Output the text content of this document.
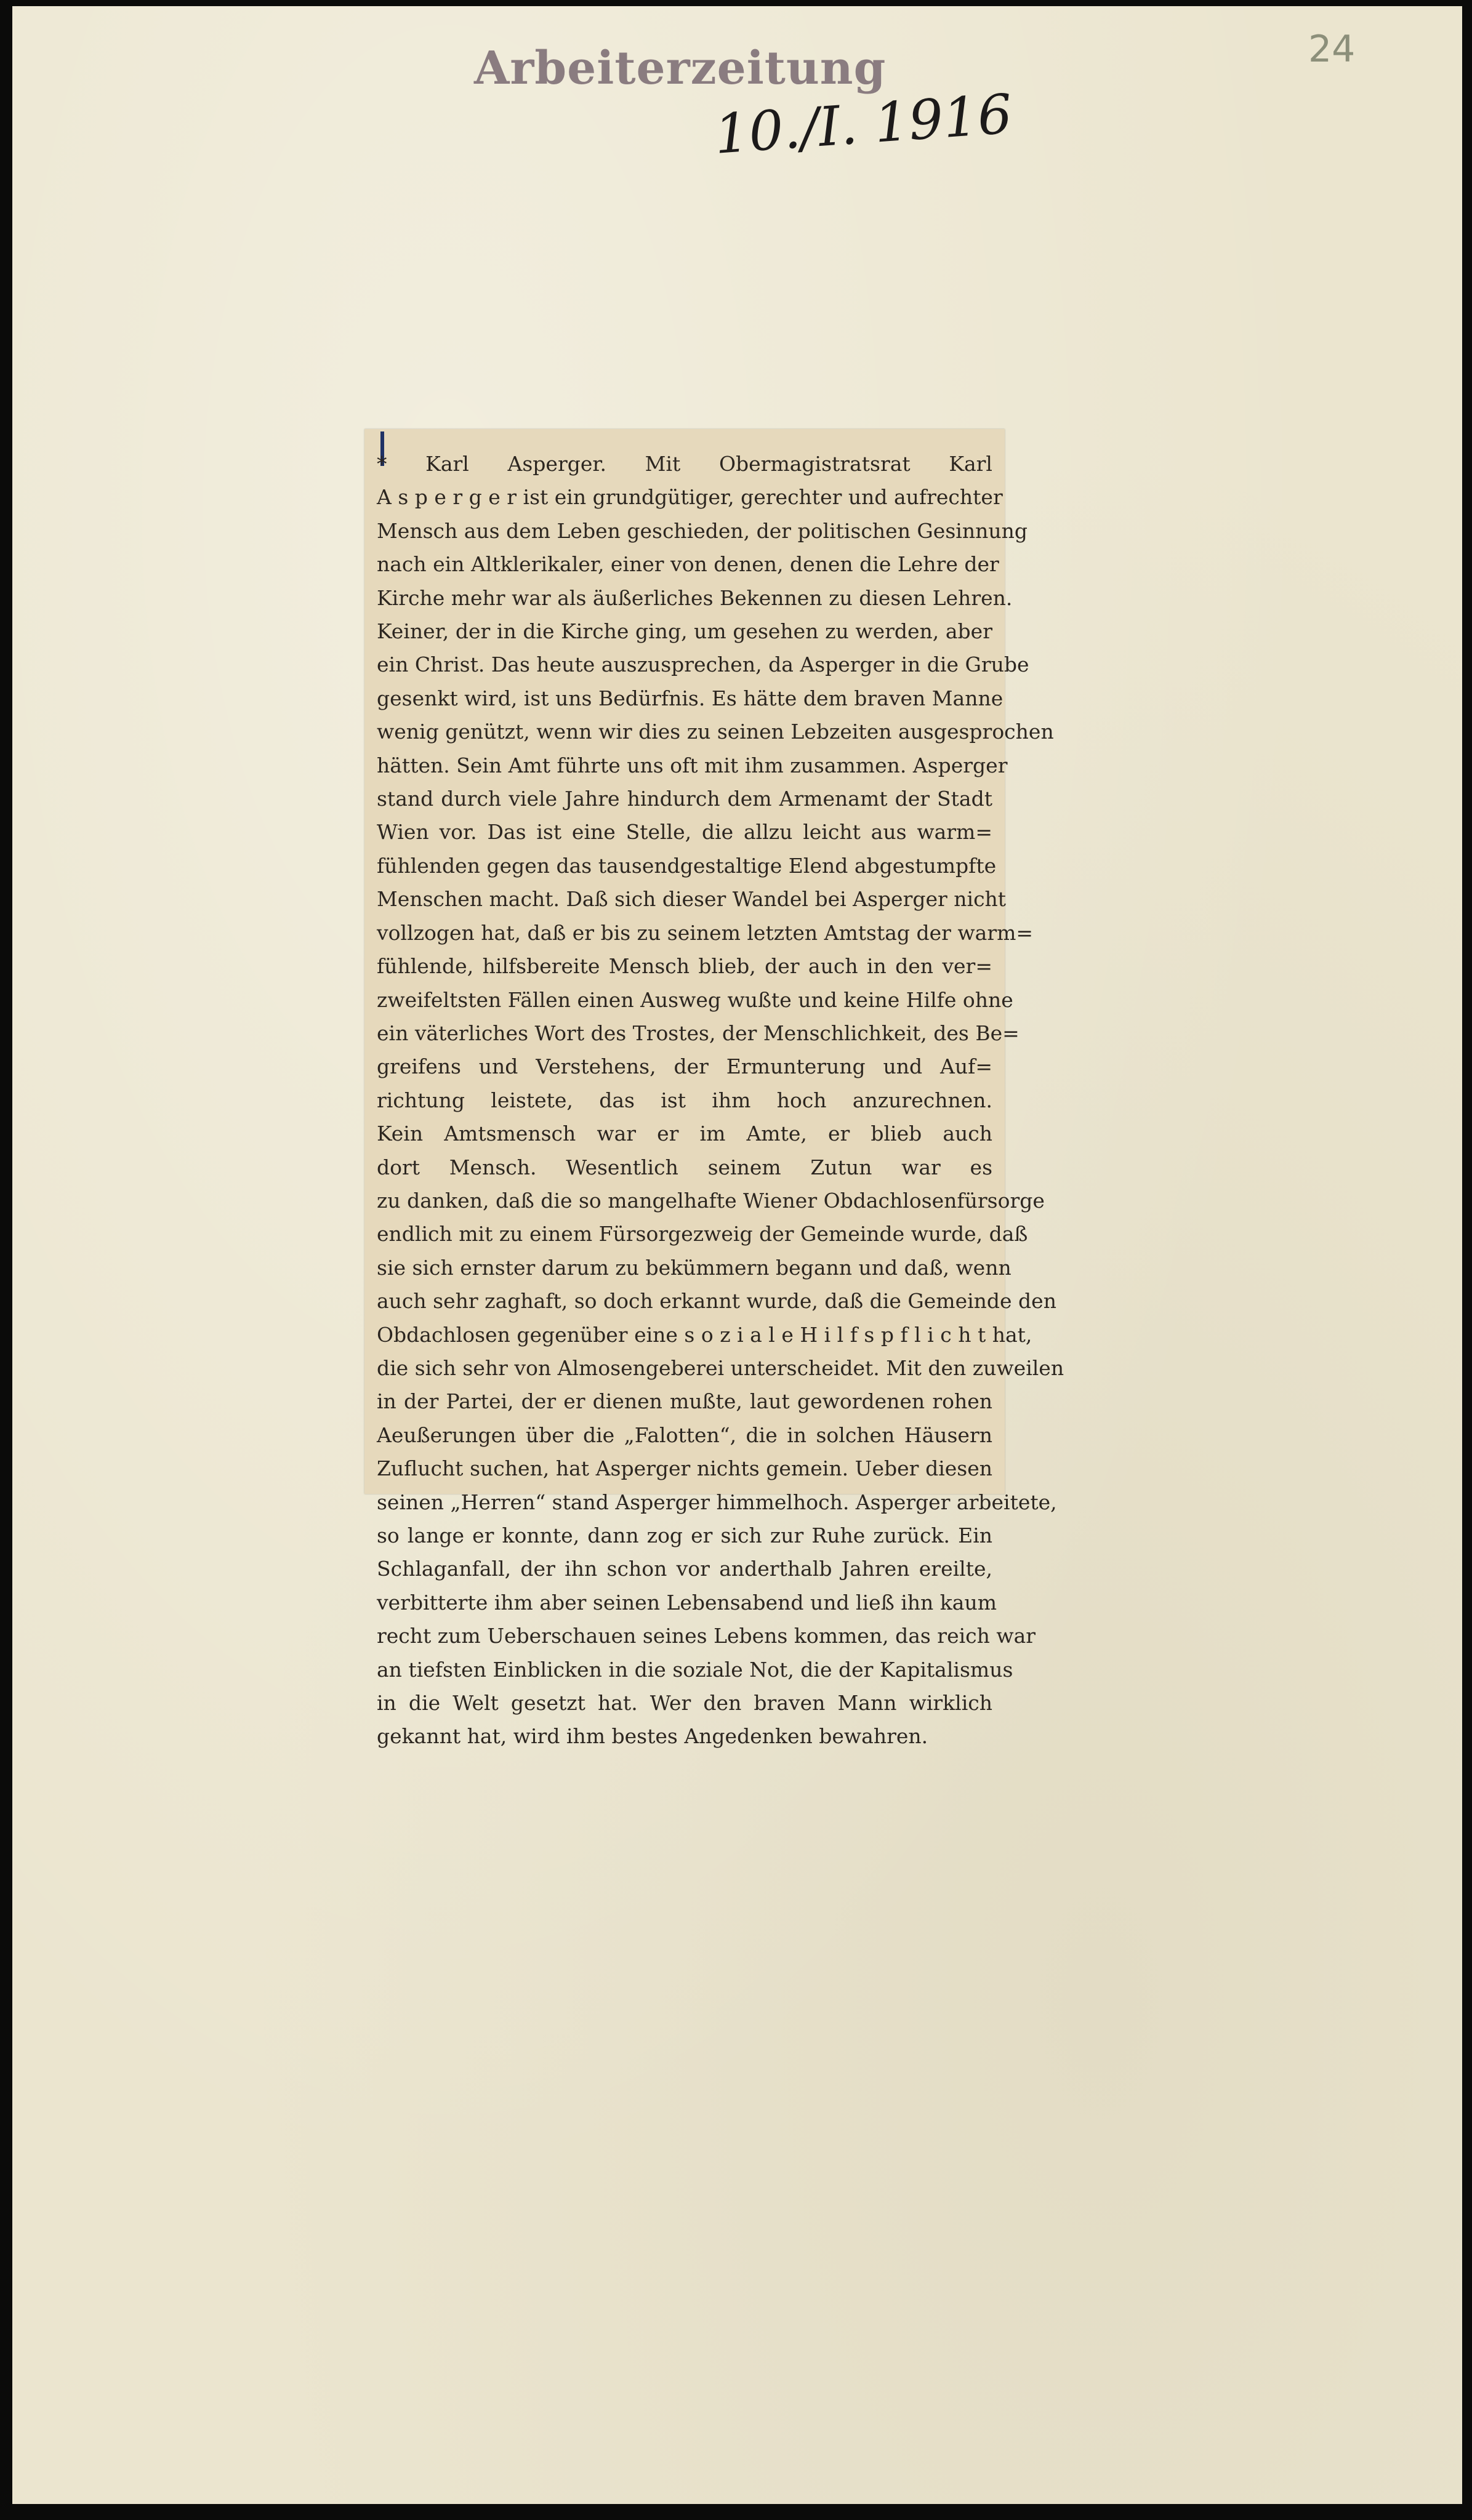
Arbeiterzeitung
10./I. 1916
24
* Karl Asperger. Mit Obermagistratsrat Karl
A s p e r g e r ist ein grundgütiger, gerechter und aufrechter
Mensch aus dem Leben geschieden, der politischen Gesinnung
nach ein Altklerikaler, einer von denen, denen die Lehre der
Kirche mehr war als äußerliches Bekennen zu diesen Lehren.
Keiner, der in die Kirche ging, um gesehen zu werden, aber
ein Christ. Das heute auszusprechen, da Asperger in die Grube
gesenkt wird, ist uns Bedürfnis. Es hätte dem braven Manne
wenig genützt, wenn wir dies zu seinen Lebzeiten ausgesprochen
hätten. Sein Amt führte uns oft mit ihm zusammen. Asperger
stand durch viele Jahre hindurch dem Armenamt der Stadt
Wien vor. Das ist eine Stelle, die allzu leicht aus warm=
fühlenden gegen das tausendgestaltige Elend abgestumpfte
Menschen macht. Daß sich dieser Wandel bei Asperger nicht
vollzogen hat, daß er bis zu seinem letzten Amtstag der warm=
fühlende, hilfsbereite Mensch blieb, der auch in den ver=
zweifeltsten Fällen einen Ausweg wußte und keine Hilfe ohne
ein väterliches Wort des Trostes, der Menschlichkeit, des Be=
greifens und Verstehens, der Ermunterung und Auf=
richtung leistete, das ist ihm hoch anzurechnen.
Kein Amtsmensch war er im Amte, er blieb auch
dort Mensch. Wesentlich seinem Zutun war es
zu danken, daß die so mangelhafte Wiener Obdachlosenfürsorge
endlich mit zu einem Fürsorgezweig der Gemeinde wurde, daß
sie sich ernster darum zu bekümmern begann und daß, wenn
auch sehr zaghaft, so doch erkannt wurde, daß die Gemeinde den
Obdachlosen gegenüber eine s o z i a l e H i l f s p f l i c h t hat,
die sich sehr von Almosengeberei unterscheidet. Mit den zuweilen
in der Partei, der er dienen mußte, laut gewordenen rohen
Aeußerungen über die „Falotten“, die in solchen Häusern
Zuflucht suchen, hat Asperger nichts gemein. Ueber diesen
seinen „Herren“ stand Asperger himmelhoch. Asperger arbeitete,
so lange er konnte, dann zog er sich zur Ruhe zurück. Ein
Schlaganfall, der ihn schon vor anderthalb Jahren ereilte,
verbitterte ihm aber seinen Lebensabend und ließ ihn kaum
recht zum Ueberschauen seines Lebens kommen, das reich war
an tiefsten Einblicken in die soziale Not, die der Kapitalismus
in die Welt gesetzt hat. Wer den braven Mann wirklich
gekannt hat, wird ihm bestes Angedenken bewahren.
